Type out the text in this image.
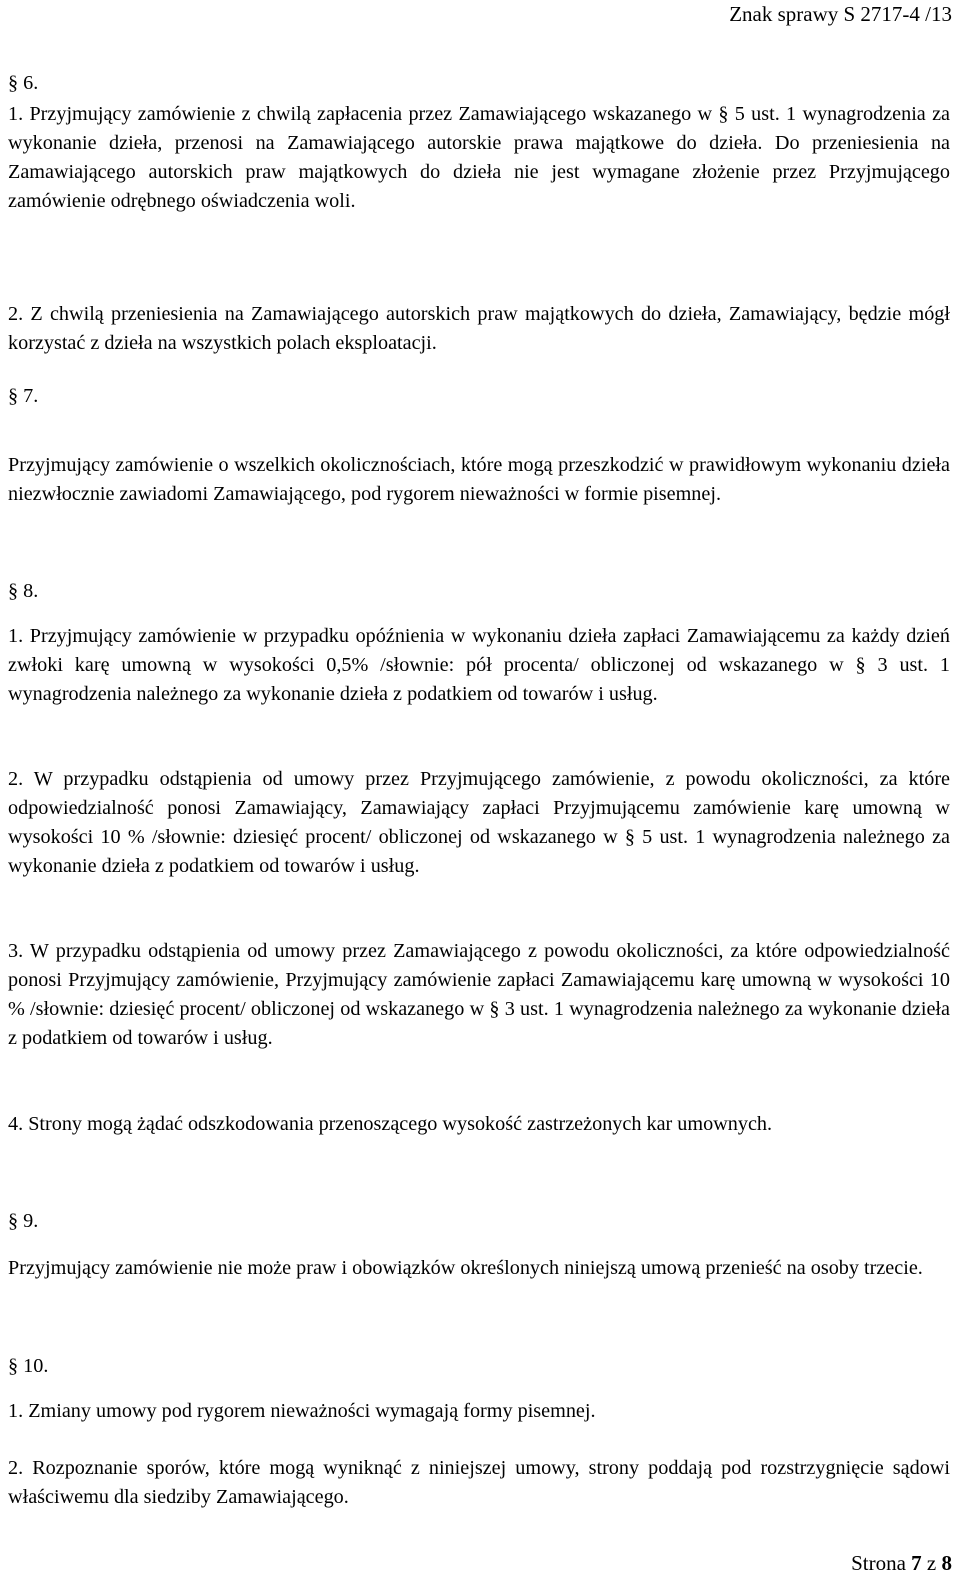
Znak sprawy S 2717-4 /13
§ 6.
1. Przyjmujący zamówienie z chwilą zapłacenia przez Zamawiającego wskazanego w § 5 ust. 1 wynagrodzenia za wykonanie dzieła, przenosi na Zamawiającego autorskie prawa majątkowe do dzieła. Do przeniesienia na Zamawiającego autorskich praw majątkowych do dzieła nie jest wymagane złożenie przez Przyjmującego zamówienie odrębnego oświadczenia woli.
2. Z chwilą przeniesienia na Zamawiającego autorskich praw majątkowych do dzieła, Zamawiający, będzie mógł korzystać z dzieła na wszystkich polach eksploatacji.
§ 7.
Przyjmujący zamówienie o wszelkich okolicznościach, które mogą przeszkodzić w prawidłowym wykonaniu dzieła niezwłocznie zawiadomi Zamawiającego, pod rygorem nieważności w formie pisemnej.
§ 8.
1. Przyjmujący zamówienie w przypadku opóźnienia w wykonaniu dzieła zapłaci Zamawiającemu za każdy dzień zwłoki karę umowną w wysokości 0,5% /słownie: pół procenta/ obliczonej od wskazanego w § 3 ust. 1 wynagrodzenia należnego za wykonanie dzieła z podatkiem od towarów i usług.
2. W przypadku odstąpienia od umowy przez Przyjmującego zamówienie, z powodu okoliczności, za które odpowiedzialność ponosi Zamawiający, Zamawiający zapłaci Przyjmującemu zamówienie karę umowną w wysokości 10 % /słownie: dziesięć procent/ obliczonej od wskazanego w § 5 ust. 1 wynagrodzenia należnego za wykonanie dzieła z podatkiem od towarów i usług.
3. W przypadku odstąpienia od umowy przez Zamawiającego z powodu okoliczności, za które odpowiedzialność ponosi Przyjmujący zamówienie, Przyjmujący zamówienie zapłaci Zamawiającemu karę umowną w wysokości 10 % /słownie: dziesięć procent/ obliczonej od wskazanego w § 3 ust. 1 wynagrodzenia należnego za wykonanie dzieła z podatkiem od towarów i usług.
4. Strony mogą żądać odszkodowania przenoszącego wysokość zastrzeżonych kar umownych.
§ 9.
Przyjmujący zamówienie nie może praw i obowiązków określonych niniejszą umową przenieść na osoby trzecie.
§ 10.
1. Zmiany umowy pod rygorem nieważności wymagają formy pisemnej.
2. Rozpoznanie sporów, które mogą wyniknąć z niniejszej umowy, strony poddają pod rozstrzygnięcie sądowi właściwemu dla siedziby Zamawiającego.
Strona 7 z 8
